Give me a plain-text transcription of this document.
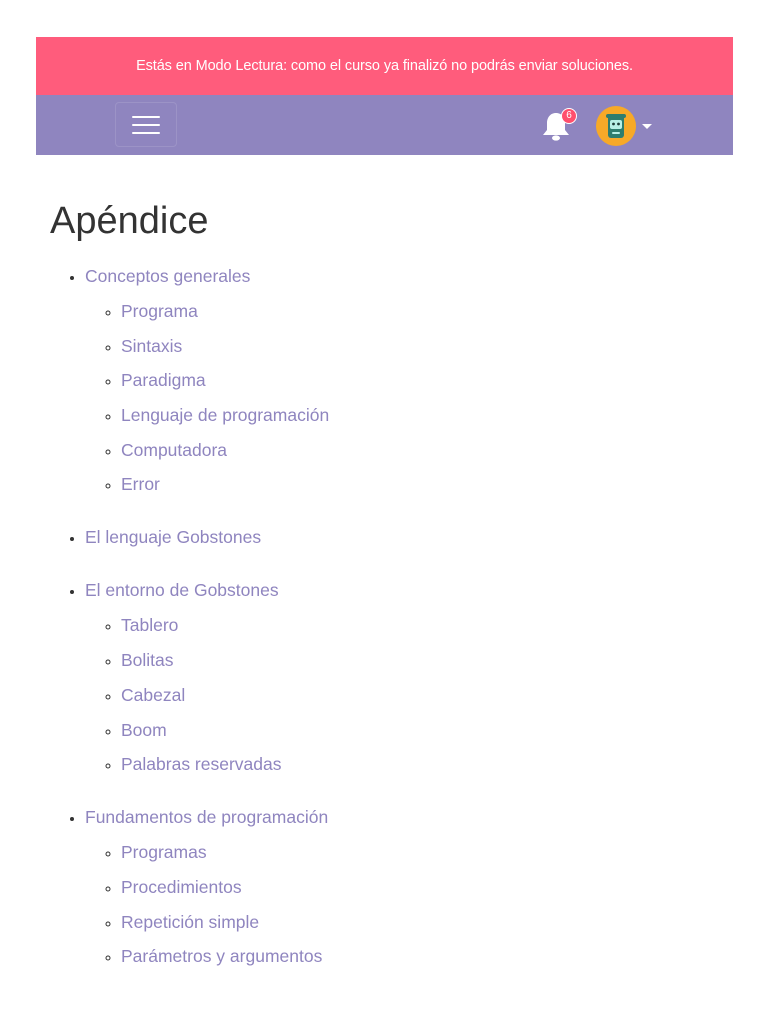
Estás en Modo Lectura: como el curso ya finalizó no podrás enviar soluciones.
6
Apéndice
• Conceptos generales
◦ Programa
◦ Sintaxis
◦ Paradigma
◦ Lenguaje de programación
◦ Computadora
◦ Error
• El lenguaje Gobstones
• El entorno de Gobstones
◦ Tablero
◦ Bolitas
◦ Cabezal
◦ Boom
◦ Palabras reservadas
• Fundamentos de programación
◦ Programas
◦ Procedimientos
◦ Repetición simple
◦ Parámetros y argumentos
